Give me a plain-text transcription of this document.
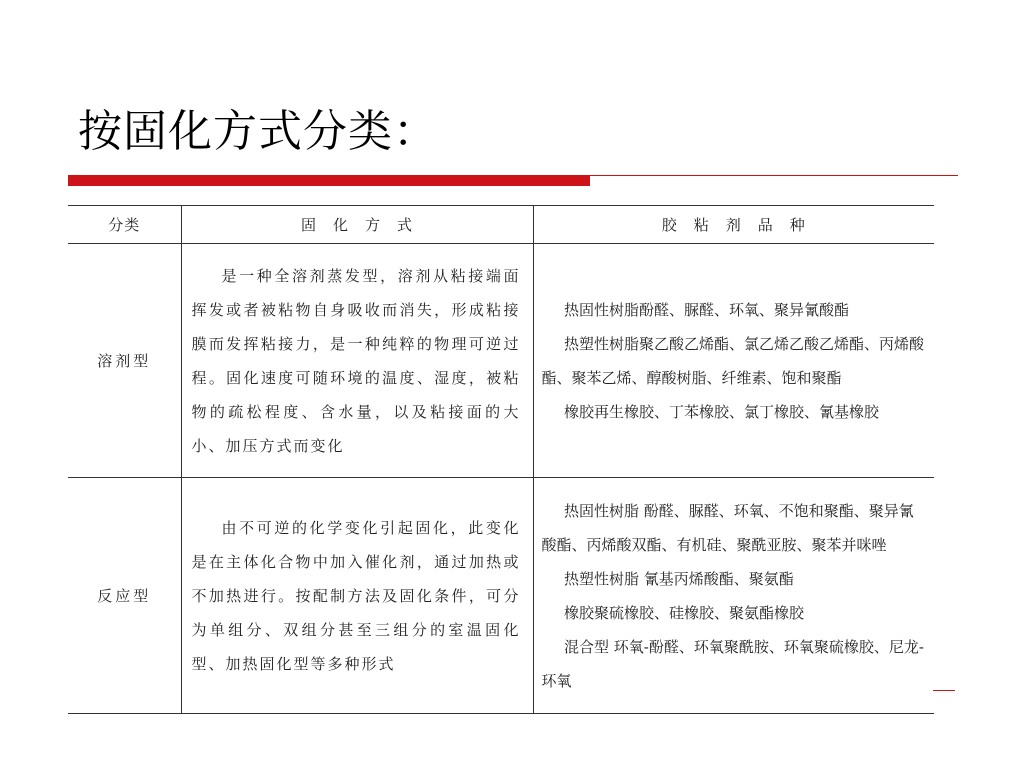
按固化方式分类：
分类	固　化　方　式	胶　粘　剂　品　种
溶剂型	是一种全溶剂蒸发型，溶剂从粘接端面挥发或者被粘物自身吸收而消失，形成粘接膜而发挥粘接力，是一种纯粹的物理可逆过程。固化速度可随环境的温度、湿度，被粘物的疏松程度、含水量，以及粘接面的大小、加压方式而变化	热固性树脂酚醛、脲醛、环氧、聚异氰酸酯
热塑性树脂聚乙酸乙烯酯、氯乙烯乙酸乙烯酯、丙烯酸酯、聚苯乙烯、醇酸树脂、纤维素、饱和聚酯
橡胶再生橡胶、丁苯橡胶、氯丁橡胶、氰基橡胶

反应型	由不可逆的化学变化引起固化，此变化是在主体化合物中加入催化剂，通过加热或不加热进行。按配制方法及固化条件，可分为单组分、双组分甚至三组分的室温固化型、加热固化型等多种形式	热固性树脂 酚醛、脲醛、环氧、不饱和聚酯、聚异氰酸酯、丙烯酸双酯、有机硅、聚酰亚胺、聚苯并咪唑
热塑性树脂 氰基丙烯酸酯、聚氨酯
橡胶聚硫橡胶、硅橡胶、聚氨酯橡胶
混合型 环氧-酚醛、环氧聚酰胺、环氧聚硫橡胶、尼龙-环氧
